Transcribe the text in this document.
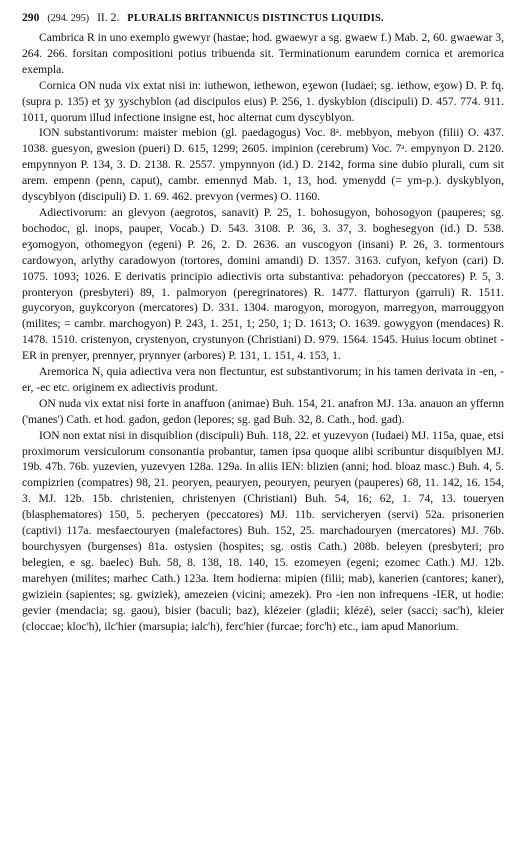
290 (294. 295) II. 2. PLURALIS BRITANNICUS DISTINCTUS LIQUIDIS.

Cambrica R in uno exemplo gwewyr (hastae; hod. gwaewyr a sg. gwaew f.) Mab. 2, 60. gwaewar 3, 264. 266. forsitan compositioni potius tribuenda sit. Terminationum earundem cornica et aremorica exempla.

Cornica ON nuda vix extat nisi in: iuthewon, iethewon, eʒewon (Iudaei; sg. iethow, eʒow) D. P. fq. (supra p. 135) et ʒy ʒyschyblon (ad discipulos eius) P. 256, 1. dyskyblon (discipuli) D. 457. 774. 911. 1011, quorum illud infectione insigne est, hoc alternat cum dyscyblyon.

ION substantivorum: maister mebion (gl. paedagogus) Voc. 8ᵃ. mebbyon, mebyon (filii) O. 437. 1038. guesyon, gwesion (pueri) D. 615, 1299; 2605. impinion (cerebrum) Voc. 7ᵃ. empynyon D. 2120. empynnyon P. 134, 3. D. 2138. R. 2557. ympynnyon (id.) D. 2142, forma sine dubio plurali, cum sit arem. empenn (penn, caput), cambr. emennyd Mab. 1, 13, hod. ymenydd (= ym-p.). dyskyblyon, dyscyblyon (discipuli) D. 1. 69. 462. prevyon (vermes) O. 1160.

Adiectivorum: an glevyon (aegrotos, sanavit) P. 25, 1. bohosugyon, bohosogyon (pauperes; sg. bochodoc, gl. inops, pauper, Vocab.) D. 543. 3108. P. 36, 3. 37, 3. boghesegyon (id.) D. 538. eʒomogyon, othomegyon (egeni) P. 26, 2. D. 2636. an vuscogyon (insani) P. 26, 3. tormentours cardowyon, arlythy caradowyon (tortores, domini amandi) D. 1357. 3163. cufyon, kefyon (cari) D. 1075. 1093; 1026. E derivatis principio adiectivis orta substantiva: pehadoryon (peccatores) P. 5, 3. pronteryon (presbyteri) 89, 1. palmoryon (peregrinatores) R. 1477. flatturyon (garruli) R. 1511. guycoryon, guykcoryon (mercatores) D. 331. 1304. marogyon, morogyon, marregyon, marrouggyon (milites; = cambr. marchogyon) P. 243, 1. 251, 1; 250, 1; D. 1613; O. 1639. gowygyon (mendaces) R. 1478. 1510. cristenyon, crystenyon, crystunyon (Christiani) D. 979. 1564. 1545. Huius locum obtinet -ER in prenyer, prennyer, prynnyer (arbores) P. 131, 1. 151, 4. 153, 1.

Aremorica N, quia adiectiva vera non flectuntur, est substantivorum; in his tamen derivata in -en, -er, -ec etc. originem ex adiectivis produnt.

ON nuda vix extat nisi forte in anaffuon (animae) Buh. 154, 21. anafron MJ. 13a. anauon an yffernn ('manes') Cath. et hod. gadon, gedon (lepores; sg. gad Buh. 32, 8. Cath., hod. gad).

ION non extat nisi in disquiblion (discipuli) Buh. 118, 22. et yuzevyon (Iudaei) MJ. 115a, quae, etsi proximorum versiculorum consonantia probantur, tamen ipsa quoque alibi scribuntur disquiblyen MJ. 19b. 47b. 76b. yuzevien, yuzevyen 128a. 129a. In aliis IEN: blizien (anni; hod. bloaz masc.) Buh. 4, 5. compizrien (compatres) 98, 21. peoryen, peauryen, peouryen, peuryen (pauperes) 68, 11. 142, 16. 154, 3. MJ. 12b. 15b. christenien, christenyen (Christiani) Buh. 54, 16; 62, 1. 74, 13. toueryen (blasphematores) 150, 5. pecheryen (peccatores) MJ. 11b. servicheryen (servi) 52a. prisonerien (captivi) 117a. mesfaectouryen (malefactores) Buh. 152, 25. marchadouryen (mercatores) MJ. 76b. bourchysyen (burgenses) 81a. ostysien (hospites; sg. ostis Cath.) 208b. beleyen (presbyteri; pro belegien, e sg. baelec) Buh. 58, 8. 138, 18. 140, 15. ezomeyen (egeni; ezomec Cath.) MJ. 12b. marehyen (milites; marhec Cath.) 123a. Item hodierna: mipien (filii; mab), kanerien (cantores; kaner), gwiziein (sapientes; sg. gwiziek), amezeien (vicini; amezek). Pro -ien non infrequens -IER, ut hodie: gevier (mendacia; sg. gaou), bisier (baculi; baz), klézeier (gladii; klézé), seier (sacci; sac'h), kleier (cloccae; kloc'h), ilc'hier (marsupia; ialc'h), ferc'hier (furcae; forc'h) etc., iam apud Manorium.
